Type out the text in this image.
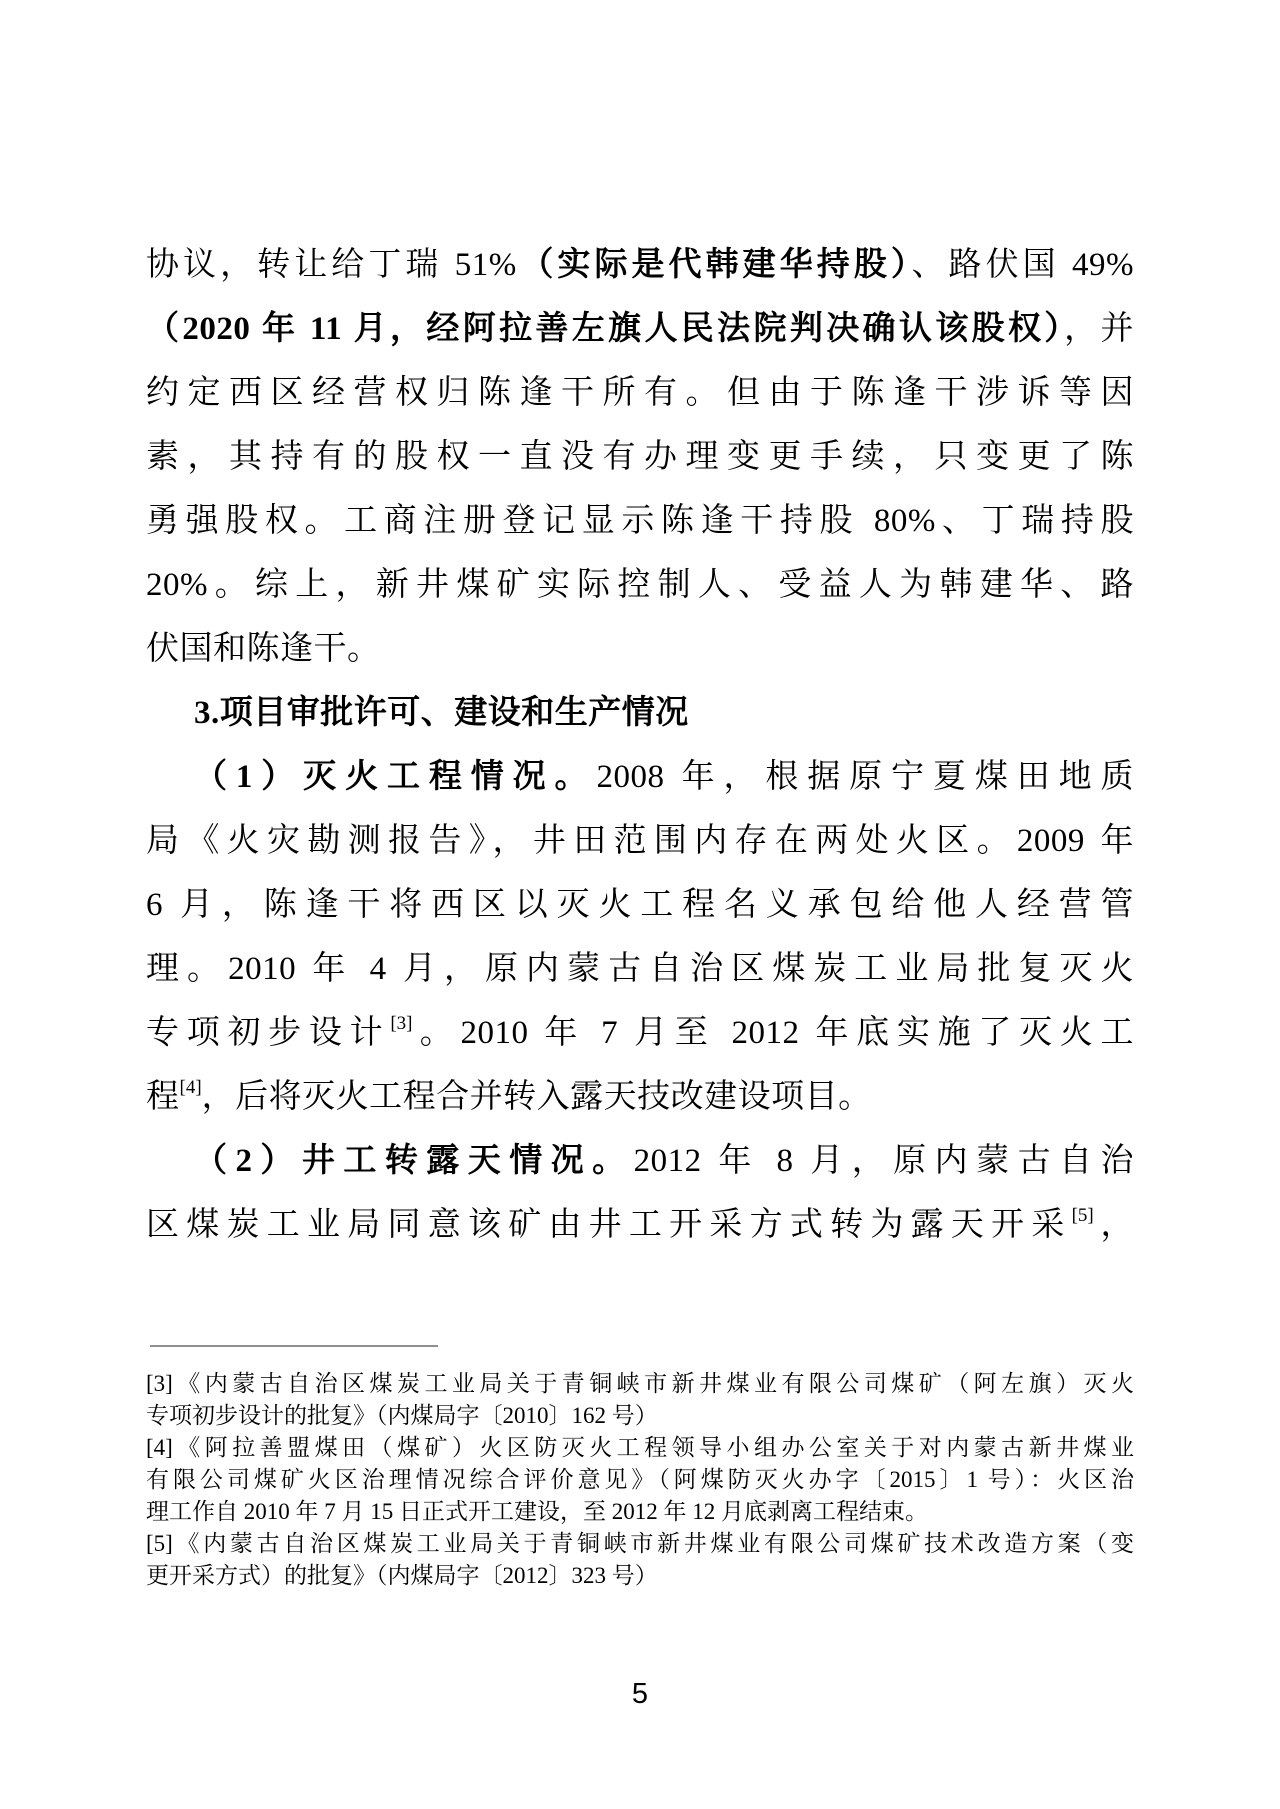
协议，转让给丁瑞 51%（实际是代韩建华持股）、路伏国 49%
（2020 年 11 月，经阿拉善左旗人民法院判决确认该股权），并
约定西区经营权归陈逢干所有。但由于陈逢干涉诉等因
素，其持有的股权一直没有办理变更手续，只变更了陈
勇强股权。工商注册登记显示陈逢干持股 80%、丁瑞持股
20%。综上，新井煤矿实际控制人、受益人为韩建华、路
伏国和陈逢干。
3.项目审批许可、建设和生产情况
（1）灭火工程情况。2008 年，根据原宁夏煤田地质
局《火灾勘测报告》，井田范围内存在两处火区。2009 年
6 月，陈逢干将西区以灭火工程名义承包给他人经营管
理。2010 年 4 月，原内蒙古自治区煤炭工业局批复灭火
专项初步设计[3]。2010 年 7 月至 2012 年底实施了灭火工
程[4]，后将灭火工程合并转入露天技改建设项目。
（2）井工转露天情况。2012 年 8 月，原内蒙古自治
区煤炭工业局同意该矿由井工开采方式转为露天开采[5]，
[3]《内蒙古自治区煤炭工业局关于青铜峡市新井煤业有限公司煤矿（阿左旗）灭火
专项初步设计的批复》（内煤局字〔2010〕162 号）
[4]《阿拉善盟煤田（煤矿）火区防灭火工程领导小组办公室关于对内蒙古新井煤业
有限公司煤矿火区治理情况综合评价意见》（阿煤防灭火办字〔2015〕1 号）：火区治
理工作自 2010 年 7 月 15 日正式开工建设，至 2012 年 12 月底剥离工程结束。
[5]《内蒙古自治区煤炭工业局关于青铜峡市新井煤业有限公司煤矿技术改造方案（变
更开采方式）的批复》（内煤局字〔2012〕323 号）
5
